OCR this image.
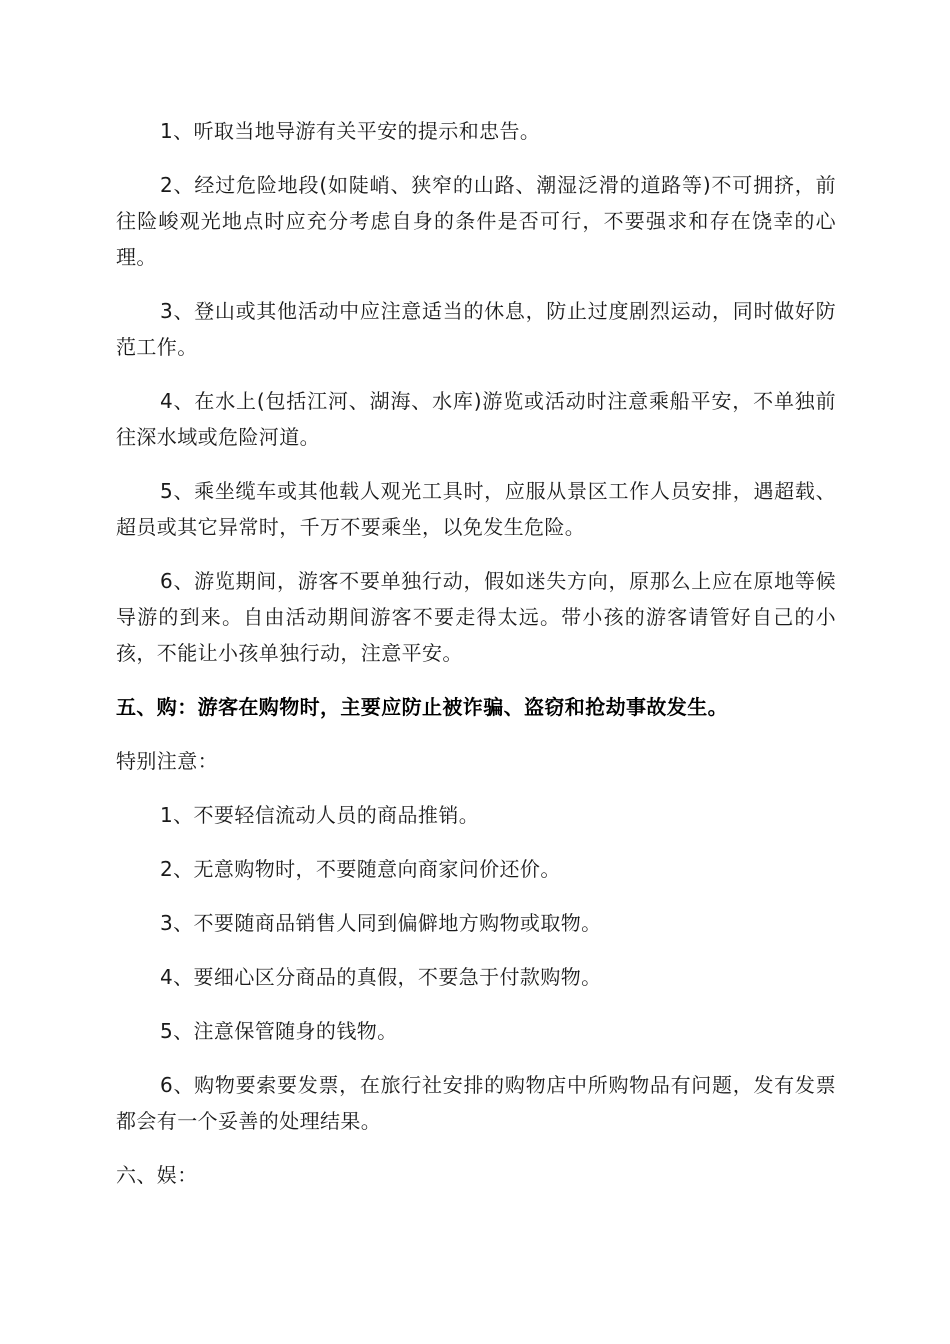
1、听取当地导游有关平安的提示和忠告。

2、经过危险地段(如陡峭、狭窄的山路、潮湿泛滑的道路等)不可拥挤，前往险峻观光地点时应充分考虑自身的条件是否可行，不要强求和存在饶幸的心理。

3、登山或其他活动中应注意适当的休息，防止过度剧烈运动，同时做好防范工作。

4、在水上(包括江河、湖海、水库)游览或活动时注意乘船平安，不单独前往深水域或危险河道。

5、乘坐缆车或其他载人观光工具时，应服从景区工作人员安排，遇超载、超员或其它异常时，千万不要乘坐，以免发生危险。

6、游览期间，游客不要单独行动，假如迷失方向，原那么上应在原地等候导游的到来。自由活动期间游客不要走得太远。带小孩的游客请管好自己的小孩，不能让小孩单独行动，注意平安。

五、购：游客在购物时，主要应防止被诈骗、盗窃和抢劫事故发生。

特别注意：

1、不要轻信流动人员的商品推销。

2、无意购物时，不要随意向商家问价还价。

3、不要随商品销售人同到偏僻地方购物或取物。

4、要细心区分商品的真假，不要急于付款购物。

5、注意保管随身的钱物。

6、购物要索要发票，在旅行社安排的购物店中所购物品有问题，发有发票都会有一个妥善的处理结果。

六、娱：
